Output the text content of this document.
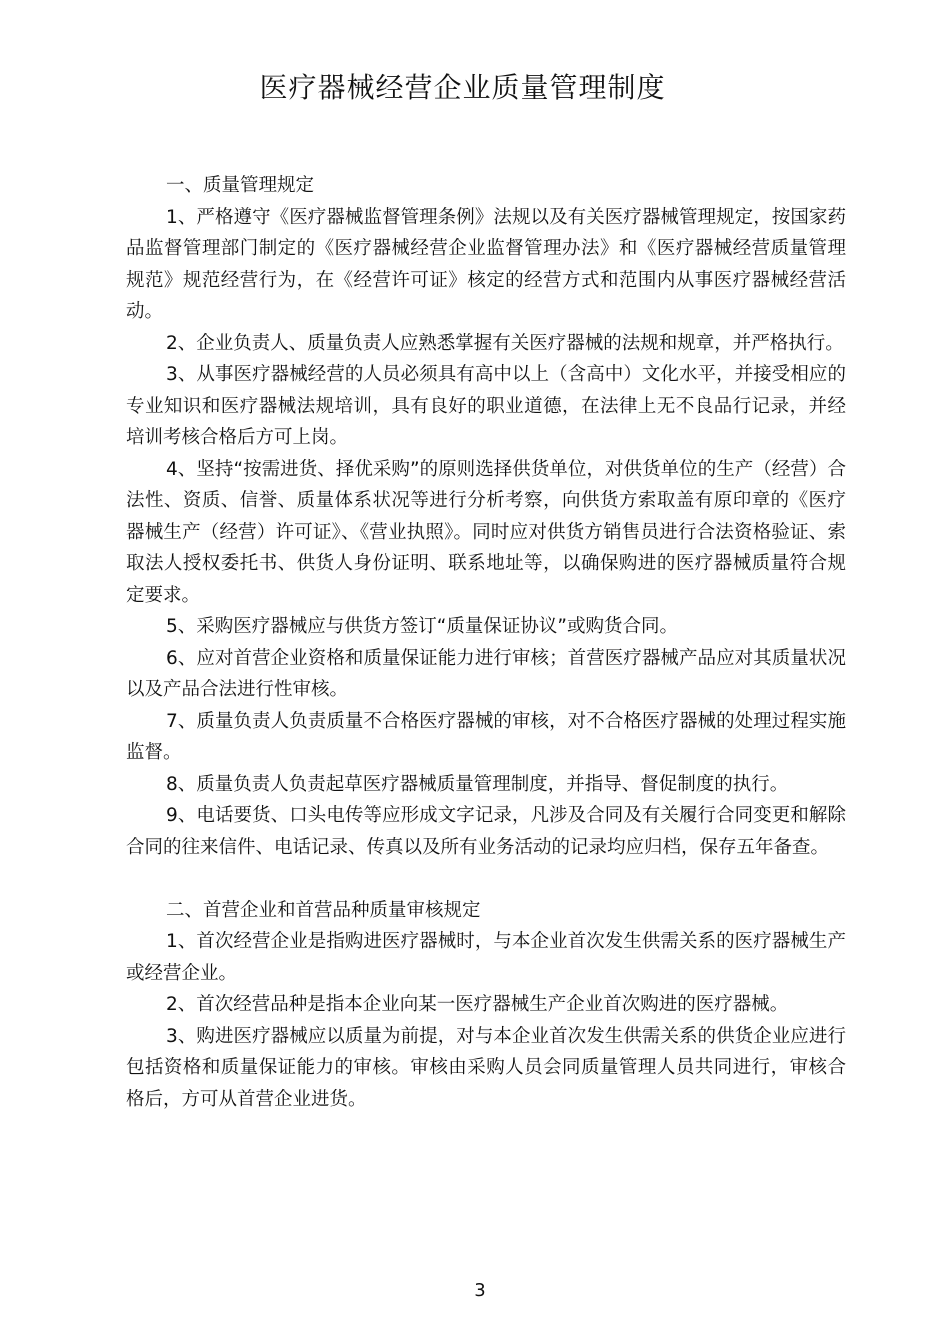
医疗器械经营企业质量管理制度

一、质量管理规定

1、严格遵守《医疗器械监督管理条例》法规以及有关医疗器械管理规定，按国家药品监督管理部门制定的《医疗器械经营企业监督管理办法》和《医疗器械经营质量管理规范》规范经营行为，在《经营许可证》核定的经营方式和范围内从事医疗器械经营活动。

2、企业负责人、质量负责人应熟悉掌握有关医疗器械的法规和规章，并严格执行。

3、从事医疗器械经营的人员必须具有高中以上（含高中）文化水平，并接受相应的专业知识和医疗器械法规培训，具有良好的职业道德，在法律上无不良品行记录，并经培训考核合格后方可上岗。

4、坚持“按需进货、择优采购”的原则选择供货单位，对供货单位的生产（经营）合法性、资质、信誉、质量体系状况等进行分析考察，向供货方索取盖有原印章的《医疗器械生产（经营）许可证》、《营业执照》。同时应对供货方销售员进行合法资格验证、索取法人授权委托书、供货人身份证明、联系地址等，以确保购进的医疗器械质量符合规定要求。

5、采购医疗器械应与供货方签订“质量保证协议”或购货合同。

6、应对首营企业资格和质量保证能力进行审核；首营医疗器械产品应对其质量状况以及产品合法进行性审核。

7、质量负责人负责质量不合格医疗器械的审核，对不合格医疗器械的处理过程实施监督。

8、质量负责人负责起草医疗器械质量管理制度，并指导、督促制度的执行。

9、电话要货、口头电传等应形成文字记录，凡涉及合同及有关履行合同变更和解除合同的往来信件、电话记录、传真以及所有业务活动的记录均应归档，保存五年备查。

二、首营企业和首营品种质量审核规定

1、首次经营企业是指购进医疗器械时，与本企业首次发生供需关系的医疗器械生产或经营企业。

2、首次经营品种是指本企业向某一医疗器械生产企业首次购进的医疗器械。

3、购进医疗器械应以质量为前提，对与本企业首次发生供需关系的供货企业应进行包括资格和质量保证能力的审核。审核由采购人员会同质量管理人员共同进行，审核合格后，方可从首营企业进货。

3
